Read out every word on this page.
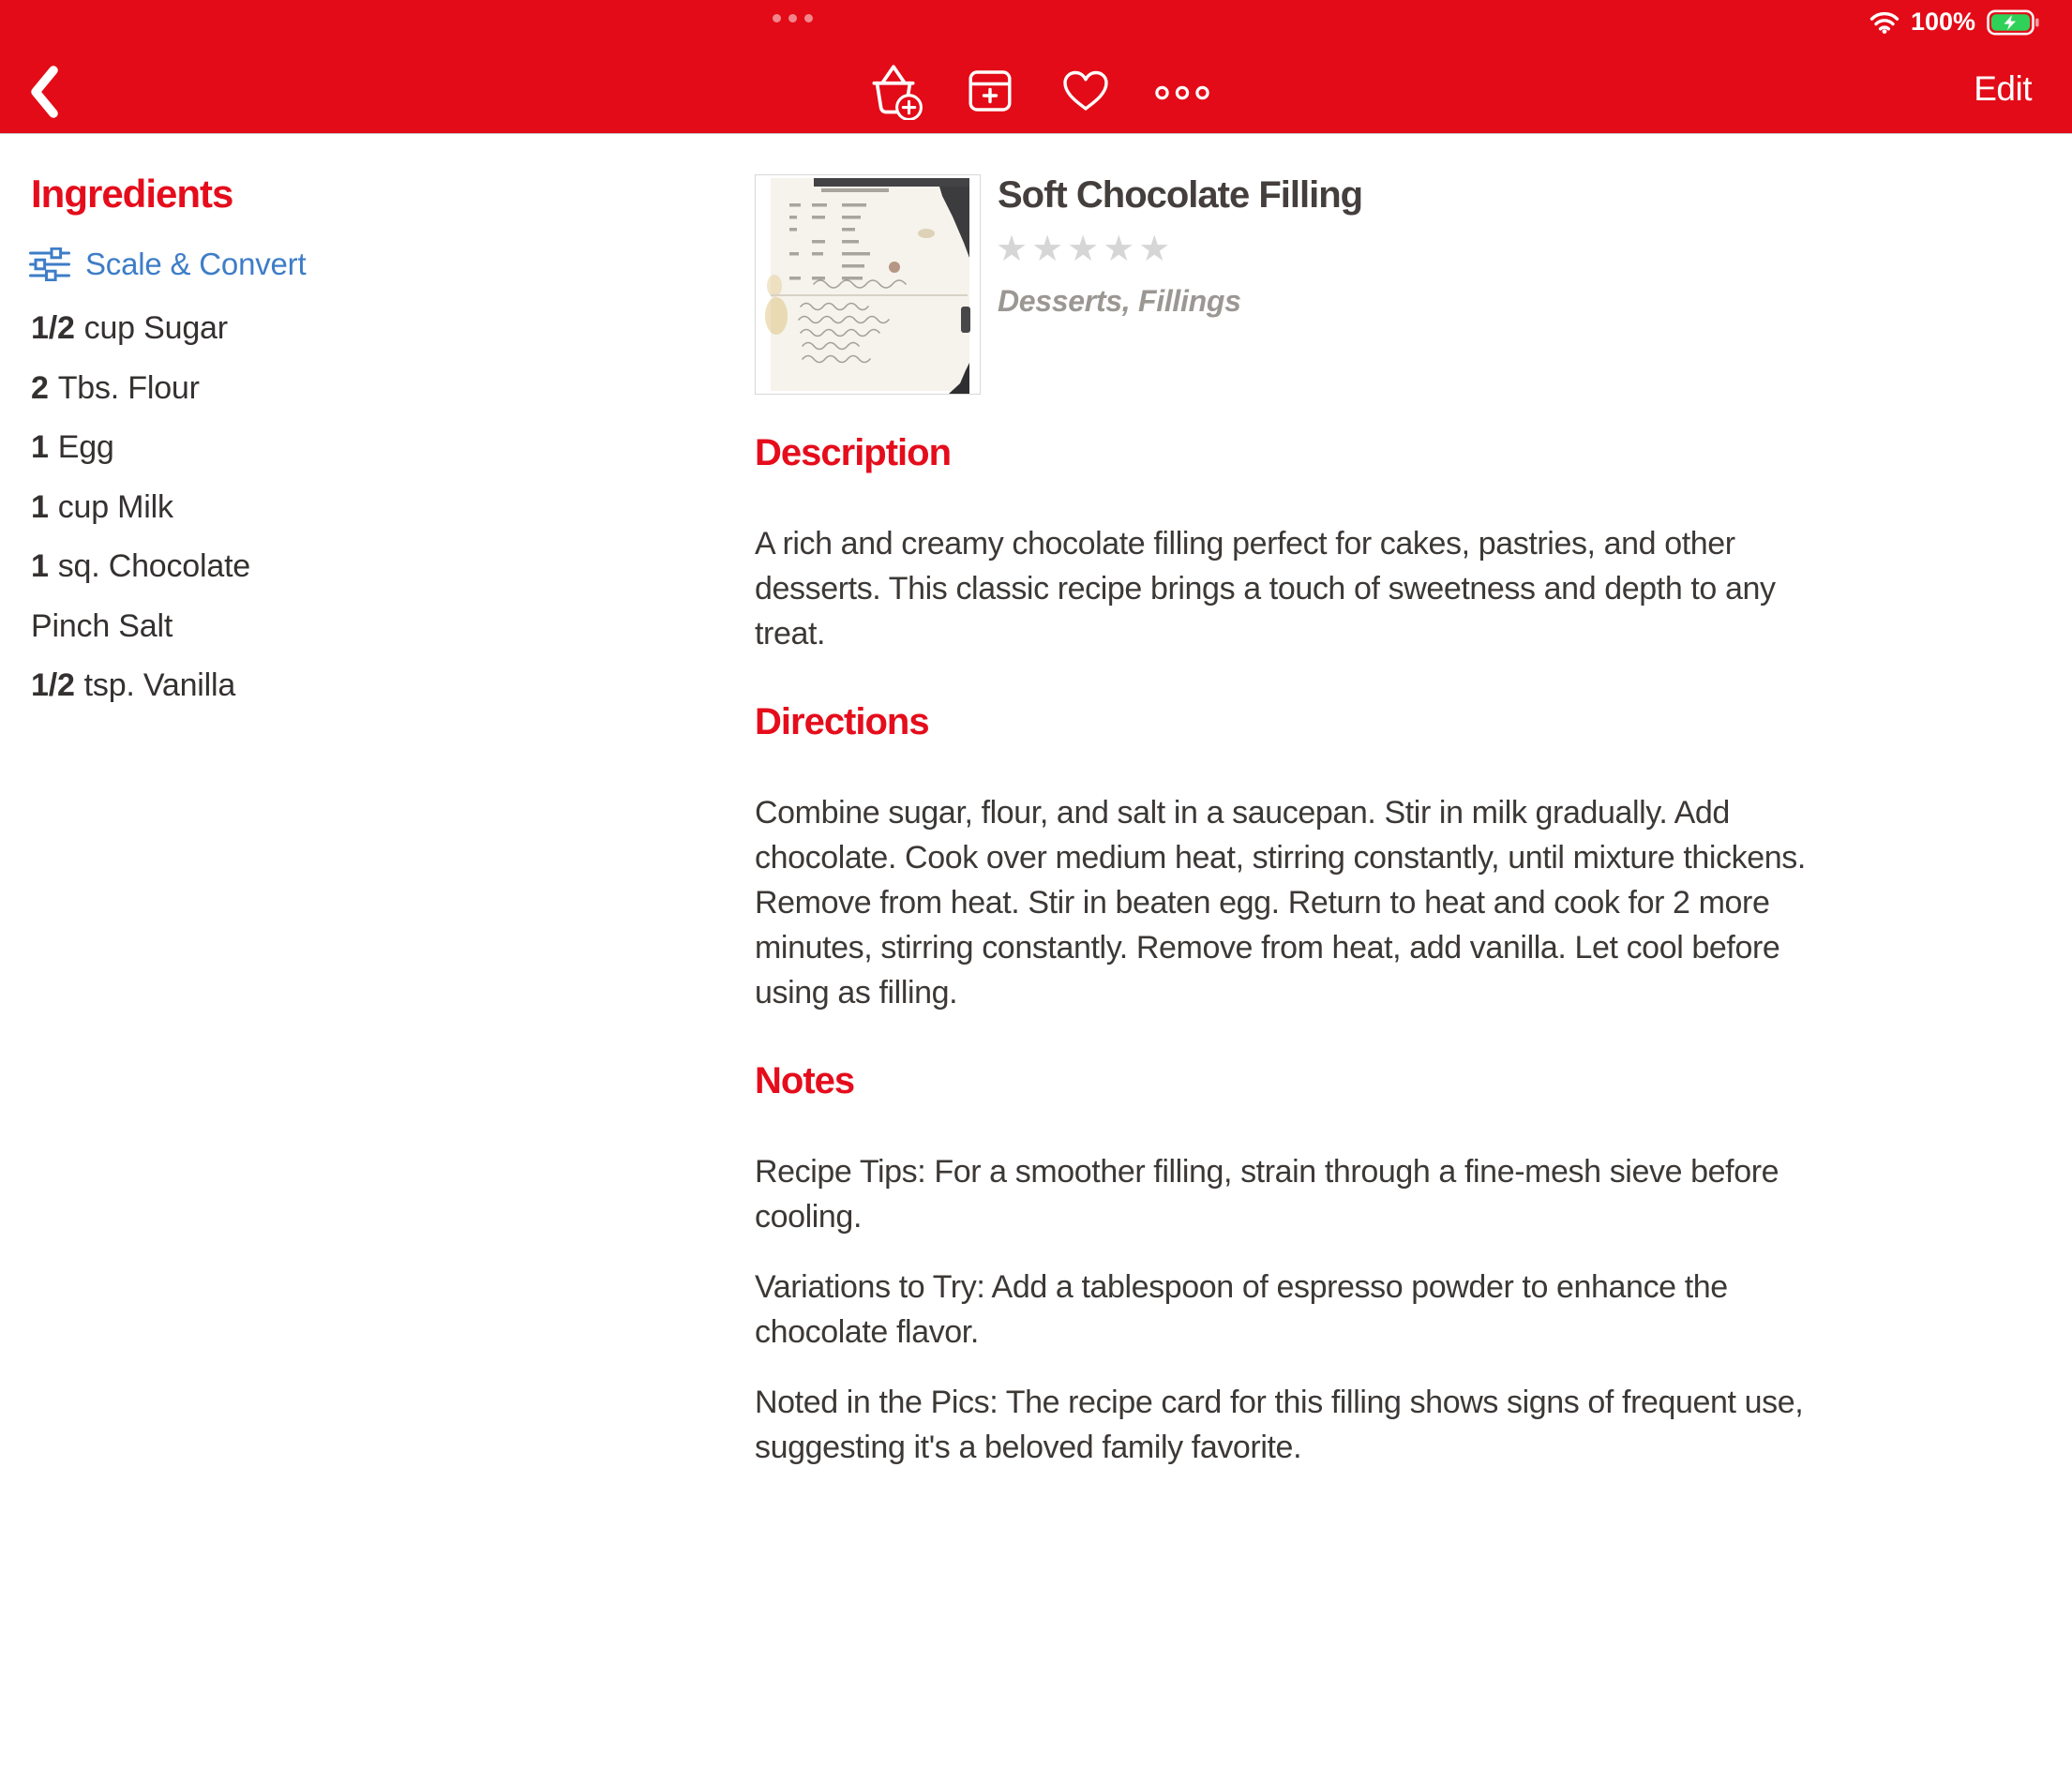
100%
Edit
Ingredients
Scale & Convert
1/2 cup Sugar
2 Tbs. Flour
1 Egg
1 cup Milk
1 sq. Chocolate
Pinch Salt
1/2 tsp. Vanilla
Soft Chocolate Filling
★★★★★
Desserts, Fillings
Description
A rich and creamy chocolate filling perfect for cakes, pastries, and other
desserts. This classic recipe brings a touch of sweetness and depth to any
treat.
Directions
Combine sugar, flour, and salt in a saucepan. Stir in milk gradually. Add
chocolate. Cook over medium heat, stirring constantly, until mixture thickens.
Remove from heat. Stir in beaten egg. Return to heat and cook for 2 more
minutes, stirring constantly. Remove from heat, add vanilla. Let cool before
using as filling.
Notes
Recipe Tips: For a smoother filling, strain through a fine-mesh sieve before
cooling.
Variations to Try: Add a tablespoon of espresso powder to enhance the
chocolate flavor.
Noted in the Pics: The recipe card for this filling shows signs of frequent use,
suggesting it's a beloved family favorite.
